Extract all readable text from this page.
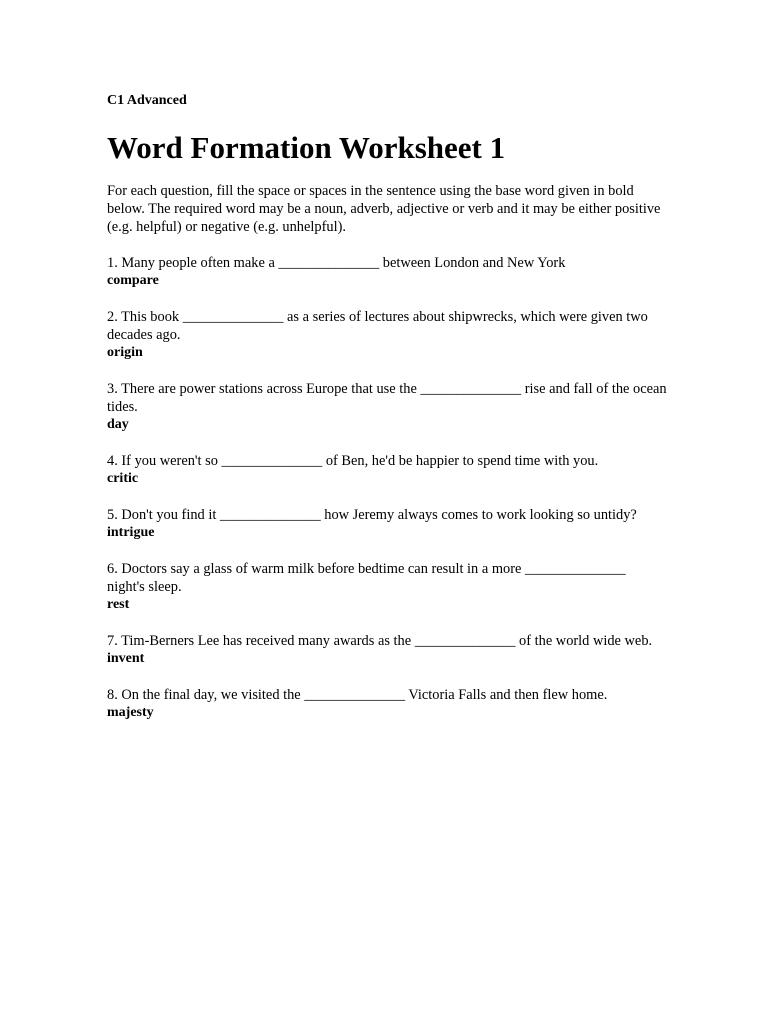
C1 Advanced

Word Formation Worksheet 1

For each question, fill the space or spaces in the sentence using the base word given in bold below. The required word may be a noun, adverb, adjective or verb and it may be either positive (e.g. helpful) or negative (e.g. unhelpful).

1. Many people often make a ______________ between London and New York

compare

2. This book ______________ as a series of lectures about shipwrecks, which were given two decades ago.

origin

3. There are power stations across Europe that use the ______________ rise and fall of the ocean tides.

day

4. If you weren't so ______________ of Ben, he'd be happier to spend time with you.

critic

5. Don't you find it ______________ how Jeremy always comes to work looking so untidy?

intrigue

6. Doctors say a glass of warm milk before bedtime can result in a more ______________ night's sleep.

rest

7. Tim-Berners Lee has received many awards as the ______________ of the world wide web.

invent

8. On the final day, we visited the ______________ Victoria Falls and then flew home.

majesty
